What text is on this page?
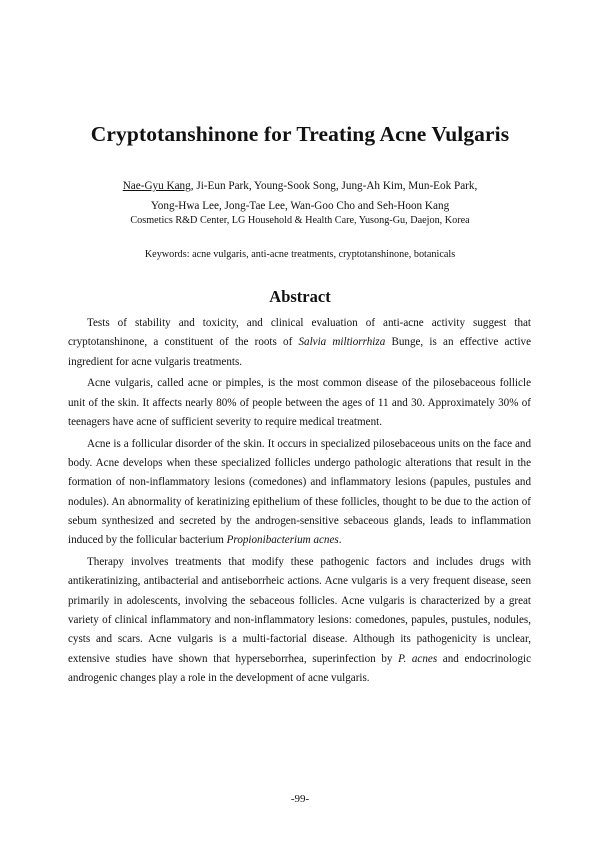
Cryptotanshinone for Treating Acne Vulgaris
Nae-Gyu Kang, Ji-Eun Park, Young-Sook Song, Jung-Ah Kim, Mun-Eok Park,
Yong-Hwa Lee, Jong-Tae Lee, Wan-Goo Cho and Seh-Hoon Kang
Cosmetics R&D Center, LG Household & Health Care, Yusong-Gu, Daejon, Korea
Keywords: acne vulgaris, anti-acne treatments, cryptotanshinone, botanicals
Abstract

Tests of stability and toxicity, and clinical evaluation of anti-acne activity suggest that cryptotanshinone, a constituent of the roots of Salvia miltiorrhiza Bunge, is an effective active ingredient for acne vulgaris treatments.

Acne vulgaris, called acne or pimples, is the most common disease of the pilosebaceous follicle unit of the skin. It affects nearly 80% of people between the ages of 11 and 30. Approximately 30% of teenagers have acne of sufficient severity to require medical treatment.

Acne is a follicular disorder of the skin. It occurs in specialized pilosebaceous units on the face and body. Acne develops when these specialized follicles undergo pathologic alterations that result in the formation of non-inflammatory lesions (comedones) and inflammatory lesions (papules, pustules and nodules). An abnormality of keratinizing epithelium of these follicles, thought to be due to the action of sebum synthesized and secreted by the androgen-sensitive sebaceous glands, leads to inflammation induced by the follicular bacterium Propionibacterium acnes.

Therapy involves treatments that modify these pathogenic factors and includes drugs with antikeratinizing, antibacterial and antiseborrheic actions. Acne vulgaris is a very frequent disease, seen primarily in adolescents, involving the sebaceous follicles. Acne vulgaris is characterized by a great variety of clinical inflammatory and non-inflammatory lesions: comedones, papules, pustules, nodules, cysts and scars. Acne vulgaris is a multi-factorial disease. Although its pathogenicity is unclear, extensive studies have shown that hyperseborrhea, superinfection by P. acnes and endocrinologic androgenic changes play a role in the development of acne vulgaris.

-99-
